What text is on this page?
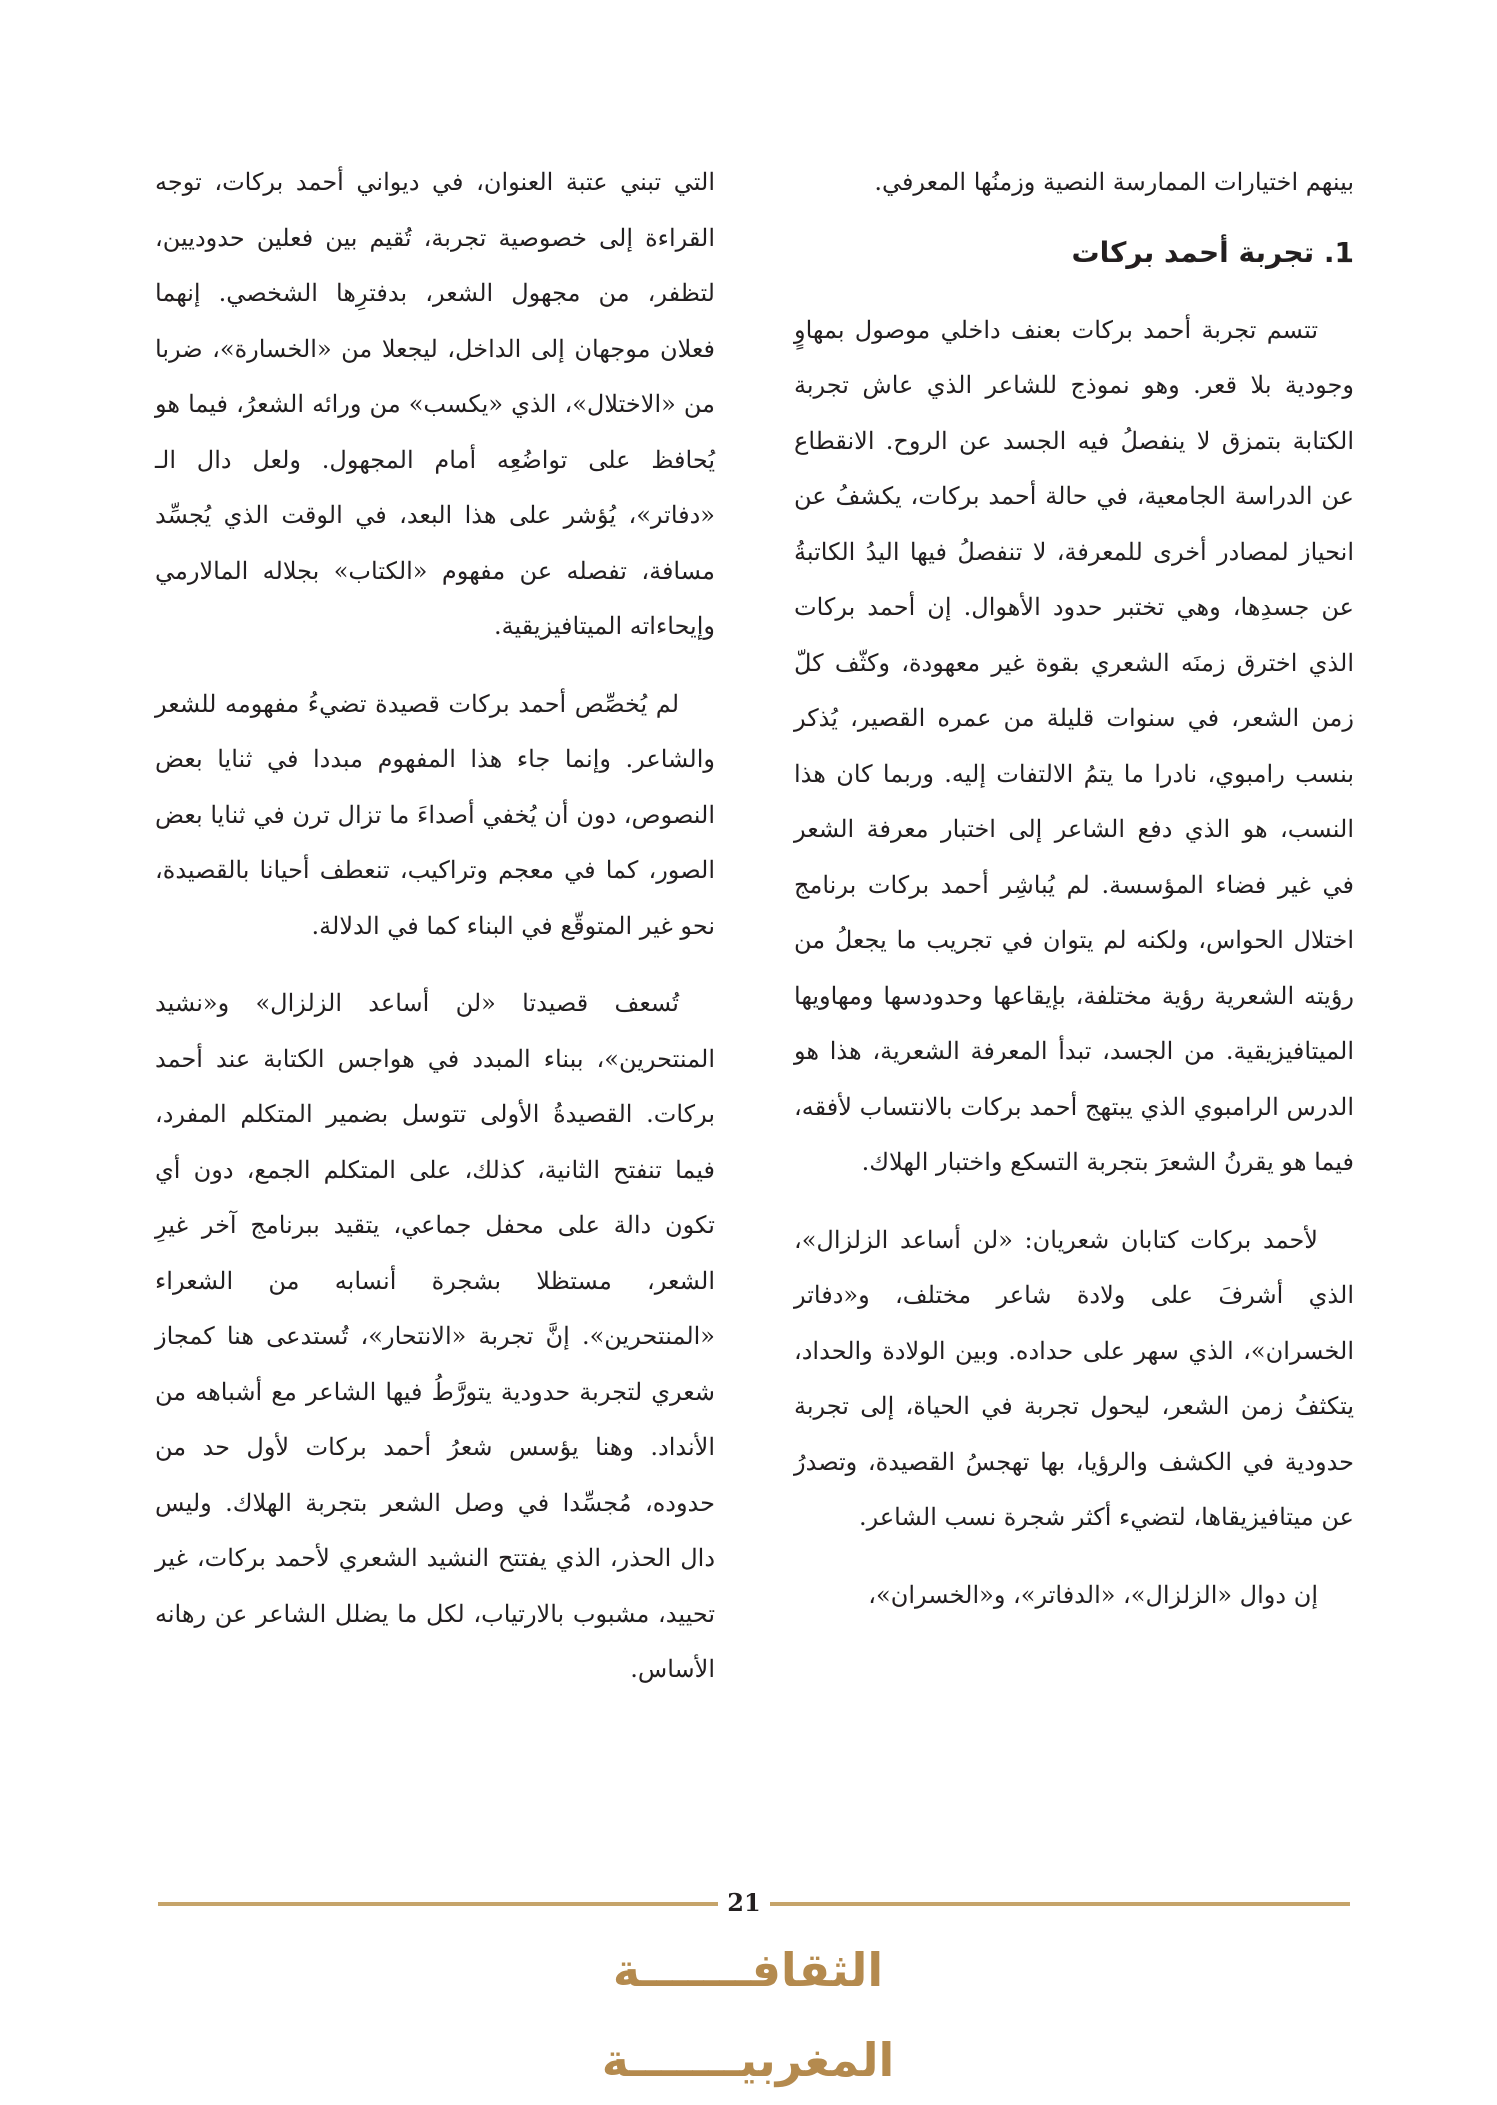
بينهم اختيارات الممارسة النصية وزمنُها المعرفي.

1. تجربة أحمد بركات

تتسم تجربة أحمد بركات بعنف داخلي موصول بمهاوٍ وجودية بلا قعر. وهو نموذج للشاعر الذي عاش تجربة الكتابة بتمزق لا ينفصلُ فيه الجسد عن الروح. الانقطاع عن الدراسة الجامعية، في حالة أحمد بركات، يكشفُ عن انحياز لمصادر أخرى للمعرفة، لا تنفصلُ فيها اليدُ الكاتبةُ عن جسدِها، وهي تختبر حدود الأهوال. إن أحمد بركات الذي اخترق زمنَه الشعري بقوة غير معهودة، وكثّف كلّ زمن الشعر، في سنوات قليلة من عمره القصير، يُذكر بنسب رامبوي، نادرا ما يتمُ الالتفات إليه. وربما كان هذا النسب، هو الذي دفع الشاعر إلى اختبار معرفة الشعر في غير فضاء المؤسسة. لم يُباشِر أحمد بركات برنامج اختلال الحواس، ولكنه لم يتوان في تجريب ما يجعلُ من رؤيته الشعرية رؤية مختلفة، بإيقاعها وحدودسها ومهاويها الميتافيزيقية. من الجسد، تبدأ المعرفة الشعرية، هذا هو الدرس الرامبوي الذي يبتهج أحمد بركات بالانتساب لأفقه، فيما هو يقرنُ الشعرَ بتجربة التسكع واختبار الهلاك.

لأحمد بركات كتابان شعريان: «لن أساعد الزلزال»، الذي أشرفَ على ولادة شاعر مختلف، و«دفاتر الخسران»، الذي سهر على حداده. وبين الولادة والحداد، يتكثفُ زمن الشعر، ليحول تجربة في الحياة، إلى تجربة حدودية في الكشف والرؤيا، بها تهجسُ القصيدة، وتصدرُ عن ميتافيزيقاها، لتضيء أكثر شجرة نسب الشاعر.

إن دوال «الزلزال»، «الدفاتر»، و«الخسران»،

التي تبني عتبة العنوان، في ديواني أحمد بركات، توجه القراءة إلى خصوصية تجربة، تُقيم بين فعلين حدوديين، لتظفر، من مجهول الشعر، بدفترِها الشخصي. إنهما فعلان موجهان إلى الداخل، ليجعلا من «الخسارة»، ضربا من «الاختلال»، الذي «يكسب» من ورائه الشعرُ، فيما هو يُحافظ على تواضُعِه أمام المجهول. ولعل دال الـ «دفاتر»، يُؤشر على هذا البعد، في الوقت الذي يُجسِّد مسافة، تفصله عن مفهوم «الكتاب» بجلاله المالارمي وإيحاءاته الميتافيزيقية.

لم يُخصِّص أحمد بركات قصيدة تضيءُ مفهومه للشعر والشاعر. وإنما جاء هذا المفهوم مبددا في ثنايا بعض النصوص، دون أن يُخفي أصداءَ ما تزال ترن في ثنايا بعض الصور، كما في معجم وتراكيب، تنعطف أحيانا بالقصيدة، نحو غير المتوقّع في البناء كما في الدلالة.

تُسعف قصيدتا «لن أساعد الزلزال» و«نشيد المنتحرين»، ببناء المبدد في هواجس الكتابة عند أحمد بركات. القصيدةُ الأولى تتوسل بضمير المتكلم المفرد، فيما تنفتح الثانية، كذلك، على المتكلم الجمع، دون أي تكون دالة على محفل جماعي، يتقيد ببرنامج آخر غيرِ الشعر، مستظلا بشجرة أنسابه من الشعراء «المنتحرين». إنَّ تجربة «الانتحار»، تُستدعى هنا كمجاز شعري لتجربة حدودية يتورَّطُ فيها الشاعر مع أشباهه من الأنداد. وهنا يؤسس شعرُ أحمد بركات لأول حد من حدوده، مُجسِّدا في وصل الشعر بتجربة الهلاك. وليس دال الحذر، الذي يفتتح النشيد الشعري لأحمد بركات، غير تحييد، مشبوب بالارتياب، لكل ما يضلل الشاعر عن رهانه الأساس.

21
الثقافـــــــة المغربيـــــــة
